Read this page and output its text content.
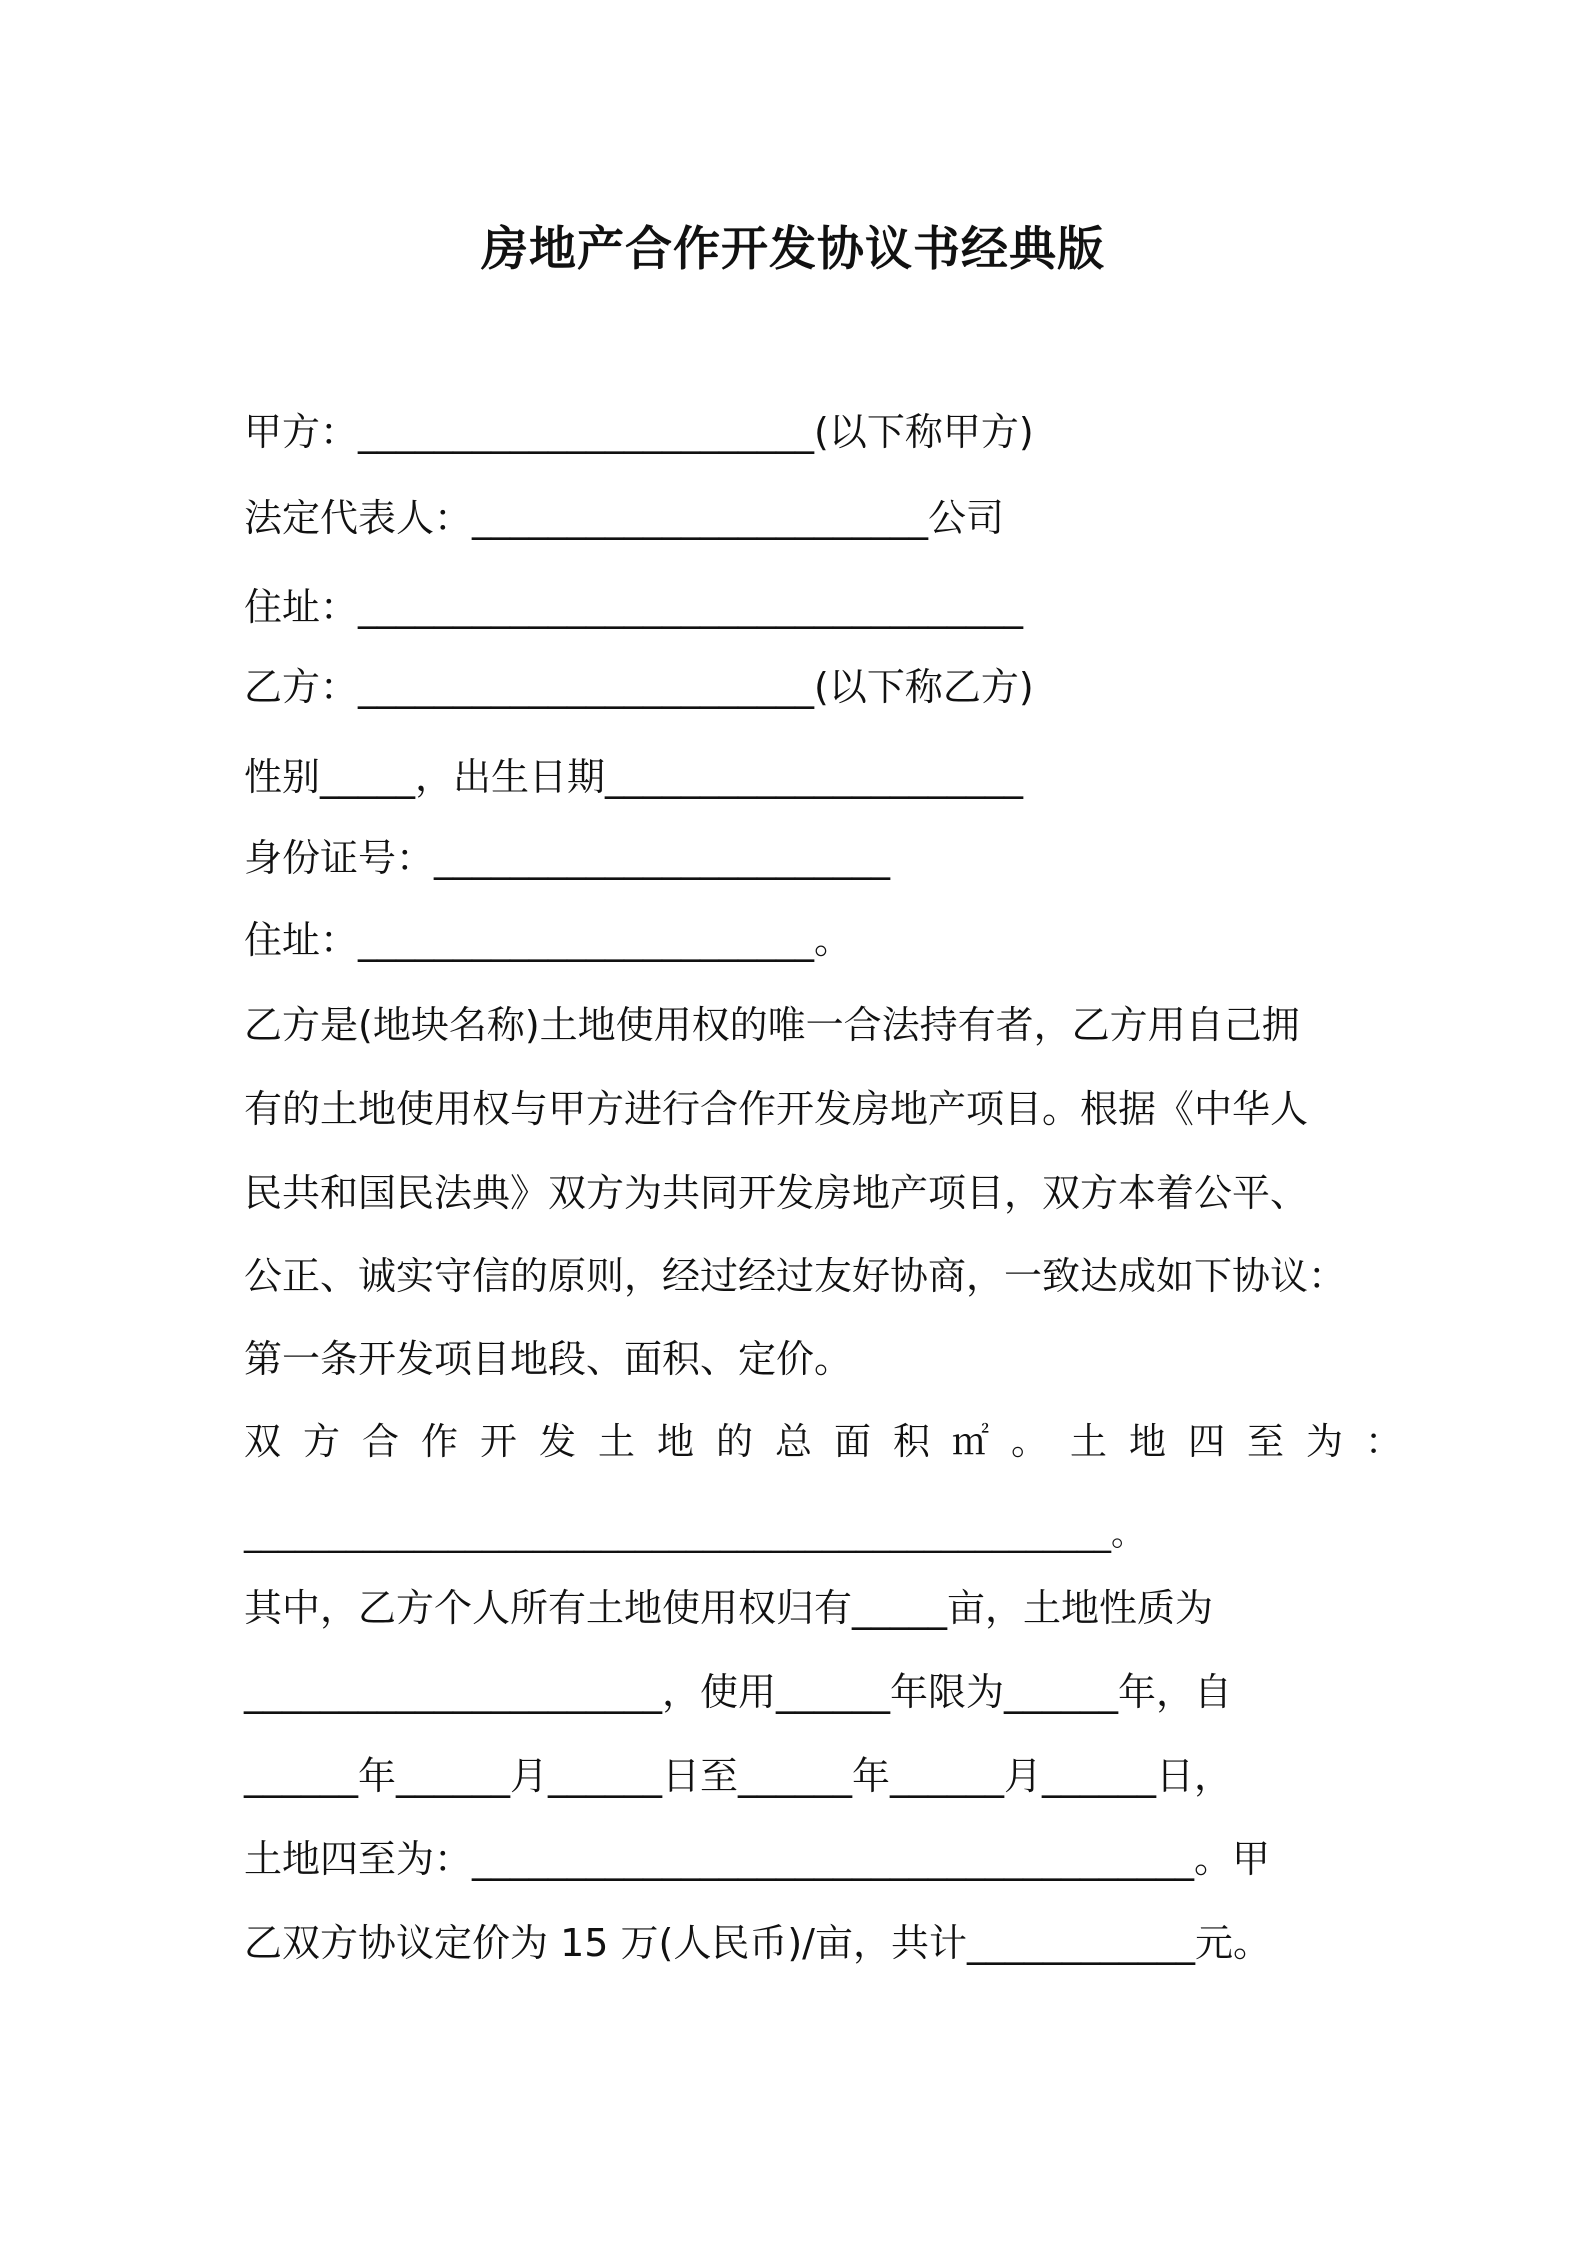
房地产合作开发协议书经典版
甲方：________________________(以下称甲方)
法定代表人：________________________公司
住址：___________________________________
乙方：________________________(以下称乙方)
性别_____，出生日期______________________
身份证号：________________________
住址：________________________。
乙方是(地块名称)土地使用权的唯一合法持有者，乙方用自己拥
有的土地使用权与甲方进行合作开发房地产项目。根据《中华人
民共和国民法典》双方为共同开发房地产项目，双方本着公平、
公正、诚实守信的原则，经过经过友好协商，一致达成如下协议：
第一条开发项目地段、面积、定价。
双方合作开发土地的总面积㎡。土地四至为：
___________________________________________________。
其中，乙方个人所有土地使用权归有_____亩，土地性质为
______________________，使用______年限为______年，自
______年______月______日至______年______月______日，
土地四至为：______________________________________。甲
乙双方协议定价为 15 万(人民币)/亩，共计____________元。
